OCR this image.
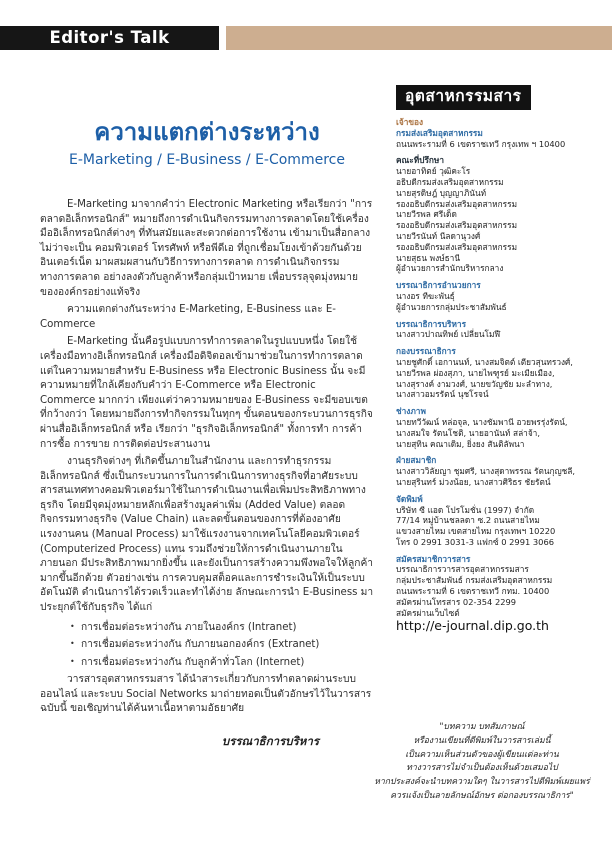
Editor's Talk
ความแตกต่างระหว่าง
E-Marketing / E-Business / E-Commerce

E-Marketing มาจากคำว่า Electronic Marketing หรือเรียกว่า "การตลาดอิเล็กทรอนิกส์" หมายถึงการดำเนินกิจกรรมทางการตลาดโดยใช้เครื่องมืออิเล็กทรอนิกส์ต่างๆ ที่ทันสมัยและสะดวกต่อการใช้งาน เข้ามาเป็นสื่อกลาง ไม่ว่าจะเป็น คอมพิวเตอร์ โทรศัพท์ หรือพีดีเอ ที่ถูกเชื่อมโยงเข้าด้วยกันด้วยอินเตอร์เน็ต มาผสมผสานกับวิธีการทางการตลาด การดำเนินกิจกรรมทางการตลาด อย่างลงตัวกับลูกค้าหรือกลุ่มเป้าหมาย เพื่อบรรลุจุดมุ่งหมายขององค์กรอย่างแท้จริง

ความแตกต่างกันระหว่าง E-Marketing, E-Business และ E-Commerce

E-Marketing นั้นคือรูปแบบการทำการตลาดในรูปแบบหนึ่ง โดยใช้เครื่องมือทางอิเล็กทรอนิกส์ เครื่องมือดิจิตอลเข้ามาช่วยในการทำการตลาด แต่ในความหมายสำหรับ E-Business หรือ Electronic Business นั้น จะมีความหมายที่ใกล้เคียงกับคำว่า E-Commerce หรือ Electronic Commerce มากกว่า เพียงแต่ว่าความหมายของ E-Business จะมีขอบเขตที่กว้างกว่า โดยหมายถึงการทำกิจกรรมในทุกๆ ขั้นตอนของกระบวนการธุรกิจผ่านสื่ออิเล็กทรอนิกส์ หรือ เรียกว่า "ธุรกิจอิเล็กทรอนิกส์" ทั้งการทำ การค้า การซื้อ การขาย การติดต่อประสานงาน

งานธุรกิจต่างๆ ที่เกิดขึ้นภายในสำนักงาน และการทำธุรกรรมอิเล็กทรอนิกส์ ซึ่งเป็นกระบวนการในการดำเนินการทางธุรกิจที่อาศัยระบบสารสนเทศทางคอมพิวเตอร์มาใช้ในการดำเนินงานเพื่อเพิ่มประสิทธิภาพทางธุรกิจ โดยมีจุดมุ่งหมายหลักเพื่อสร้างมูลค่าเพิ่ม (Added Value) ตลอดกิจกรรมทางธุรกิจ (Value Chain) และลดขั้นตอนของการที่ต้องอาศัยแรงงานคน (Manual Process) มาใช้แรงงานจากเทคโนโลยีคอมพิวเตอร์ (Computerized Process) แทน รวมถึงช่วยให้การดำเนินงานภายใน ภายนอก มีประสิทธิภาพมากยิ่งขึ้น และยังเป็นการสร้างความพึงพอใจให้ลูกค้ามากขึ้นอีกด้วย ตัวอย่างเช่น การควบคุมสต็อคและการชำระเงินให้เป็นระบบอัตโนมัติ ดำเนินการได้รวดเร็วและทำได้ง่าย ลักษณะการนำ E-Business มาประยุกต์ใช้กับธุรกิจ ได้แก่

• การเชื่อมต่อระหว่างกัน ภายในองค์กร (Intranet)
• การเชื่อมต่อระหว่างกัน กับภายนอกองค์กร (Extranet)
• การเชื่อมต่อระหว่างกัน กับลูกค้าทั่วโลก (Internet)

วารสารอุตสาหกรรมสาร ได้นำสาระเกี่ยวกับการทำตลาดผ่านระบบออนไลน์ และระบบ Social Networks มาถ่ายทอดเป็นตัวอักษรไว้ในวารสารฉบับนี้ ขอเชิญท่านได้ค้นหาเนื้อหาตามอัธยาศัย

บรรณาธิการบริหาร
อุตสาหกรรมสาร
เจ้าของ
กรมส่งเสริมอุตสาหกรรม
ถนนพระรามที่ 6 เขตราชเทวี กรุงเทพ ฯ 10400
คณะที่ปรึกษา
นายอาทิตย์ วุฒิคะโร
อธิบดีกรมส่งเสริมอุตสาหกรรม
นายสุรดิษฎ์ บุญญาภินันท์
รองอธิบดีกรมส่งเสริมอุตสาหกรรม
นายวีรพล ศรีเด็ด
รองอธิบดีกรมส่งเสริมอุตสาหกรรม
นายวีรนันท์ นีลดานุวงศ์
รองอธิบดีกรมส่งเสริมอุตสาหกรรม
นายสุธน พงษ์ธานี
ผู้อำนวยการสำนักบริหารกลาง
บรรณาธิการอำนวยการ
นางอร ทีฆะพันธุ์
ผู้อำนวยการกลุ่มประชาสัมพันธ์
บรรณาธิการบริหาร
นางสาวปาณทิพย์ เปลี่ยนโมฬี
กองบรรณาธิการ
นายชูศักดิ์ เอกานนท์, นางสมจิตต์ เตียวสุนทรวงศ์,
นายวีรพล ผ่องสุภา, นายไพฑูรย์ มะเมียเมือง,
นางสุรางค์ งามวงศ์, นายขวัญชัย มะลำทาง,
นางสาวอมรรัตน์ นุชโรจน์
ช่างภาพ
นายทวีวัฒน์ หล่อจุล, นางชัมพานี อวยพรรุ่งรัตน์,
นางสมใจ รัตนโชติ, นายอานันท์ สล่าจ้า,
นายสุทิน คณาเดิม, ยิ่งยง สันติลัพนา
ฝ่ายสมาชิก
นางสาววิลัยญา ชุมศรี, นางสุดาพรรณ รัตนกุญชลี,
นายสุรินทร์ ม่วงน้อย, นางสาวศิริธร ชัยรัตน์
จัดพิมพ์
บริษัท ซี แอด โปรโมชั่น (1997) จำกัด
77/14 หมู่บ้านชลลดา ซ.2 ถนนสายไหม
แขวงสายไหม เขตสายไหม กรุงเทพฯ 10220
โทร 0 2991 3031-3 แฟกซ์ 0 2991 3066
สมัครสมาชิกวารสาร
บรรณาธิการวารสารอุตสาหกรรมสาร
กลุ่มประชาสัมพันธ์ กรมส่งเสริมอุตสาหกรรม
ถนนพระรามที่ 6 เขตราชเทวี กทม. 10400
สมัครผ่านโทรสาร 02-354 2299
สมัครผ่านเว็บไซต์
http://e-journal.dip.go.th
"บทความ บทสัมภาษณ์
หรืองานเขียนที่ตีพิมพ์ในวารสารเล่มนี้
เป็นความเห็นส่วนตัวของผู้เขียนแต่ละท่าน
ทางวารสารไม่จำเป็นต้องเห็นด้วยเสมอไป
หากประสงค์จะนำบทความใดๆ ในวารสารไปตีพิมพ์เผยแพร่
ควรแจ้งเป็นลายลักษณ์อักษร ต่อกองบรรณาธิการ"
